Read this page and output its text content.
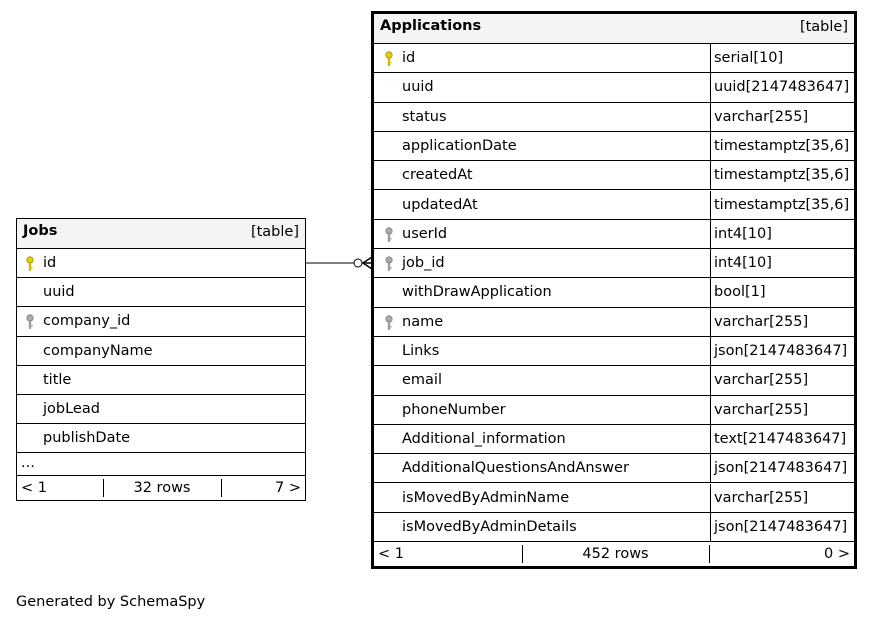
Jobs	[table]
id
uuid
company_id
companyName
title
jobLead
publishDate
...
< 1	32 rows	7 >
Applications	[table]
id	serial[10]
uuid	uuid[2147483647]
status	varchar[255]
applicationDate	timestamptz[35,6]
createdAt	timestamptz[35,6]
updatedAt	timestamptz[35,6]
userId	int4[10]
job_id	int4[10]
withDrawApplication	bool[1]
name	varchar[255]
Links	json[2147483647]
email	varchar[255]
phoneNumber	varchar[255]
Additional_information	text[2147483647]
AdditionalQuestionsAndAnswer	json[2147483647]
isMovedByAdminName	varchar[255]
isMovedByAdminDetails	json[2147483647]
< 1	452 rows	0 >
Generated by SchemaSpy
